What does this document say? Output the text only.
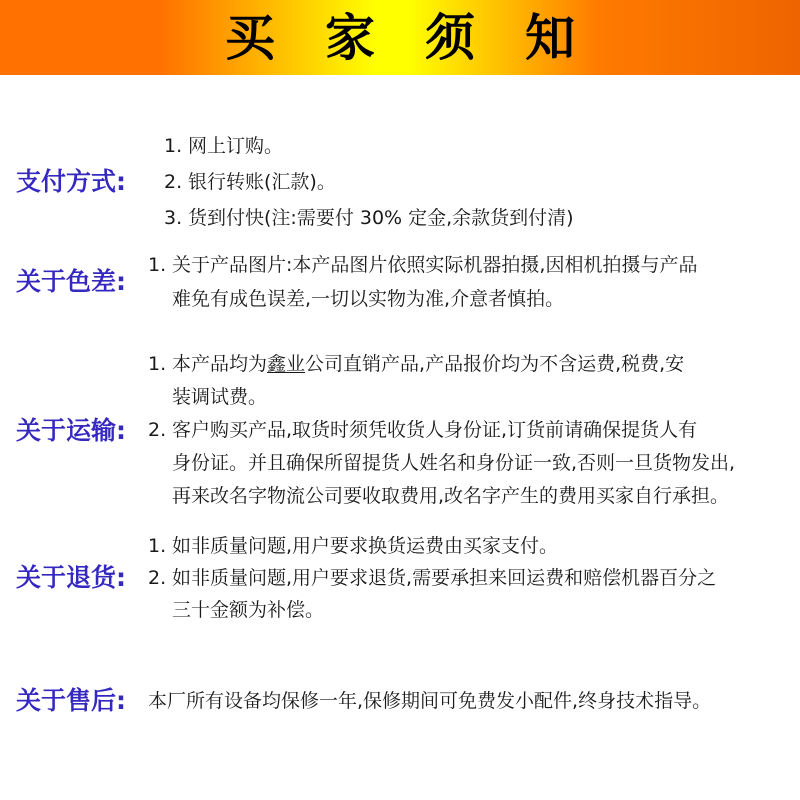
买家须知
支付方式:
1. 网上订购。
2. 银行转账(汇款)。
3. 货到付快(注:需要付 30% 定金,余款货到付清)
关于色差:
1. 关于产品图片:本产品图片依照实际机器拍摄,因相机拍摄与产品
难免有成色误差,一切以实物为准,介意者慎拍。
关于运输:
1. 本产品均为鑫业公司直销产品,产品报价均为不含运费,税费,安
装调试费。
2. 客户购买产品,取货时须凭收货人身份证,订货前请确保提货人有
身份证。并且确保所留提货人姓名和身份证一致,否则一旦货物发出,
再来改名字物流公司要收取费用,改名字产生的费用买家自行承担。
关于退货:
1. 如非质量问题,用户要求换货运费由买家支付。
2. 如非质量问题,用户要求退货,需要承担来回运费和赔偿机器百分之
三十金额为补偿。
关于售后:	本厂所有设备均保修一年,保修期间可免费发小配件,终身技术指导。
